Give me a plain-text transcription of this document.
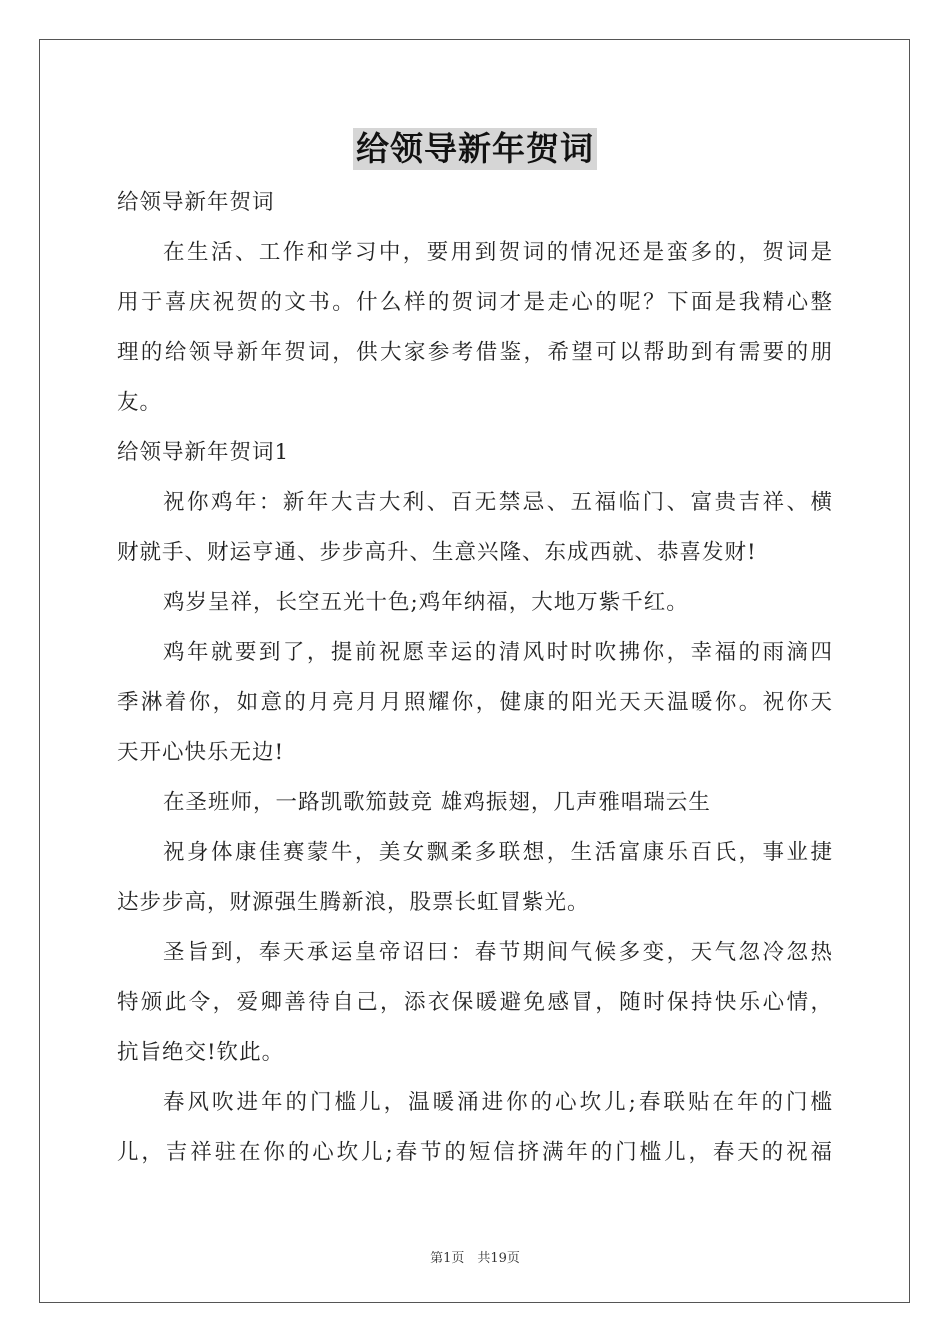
给领导新年贺词

给领导新年贺词

在生活、工作和学习中，要用到贺词的情况还是蛮多的，贺词是

用于喜庆祝贺的文书。什么样的贺词才是走心的呢？下面是我精心整

理的给领导新年贺词，供大家参考借鉴，希望可以帮助到有需要的朋

友。

给领导新年贺词1

祝你鸡年：新年大吉大利、百无禁忌、五福临门、富贵吉祥、横

财就手、财运亨通、步步高升、生意兴隆、东成西就、恭喜发财!

鸡岁呈祥，长空五光十色;鸡年纳福，大地万紫千红。

鸡年就要到了，提前祝愿幸运的清风时时吹拂你，幸福的雨滴四

季淋着你，如意的月亮月月照耀你，健康的阳光天天温暖你。祝你天

天开心快乐无边!

在圣班师，一路凯歌笳鼓竞 雄鸡振翅，几声雅唱瑞云生

祝身体康佳赛蒙牛，美女飘柔多联想，生活富康乐百氏，事业捷

达步步高，财源强生腾新浪，股票长虹冒紫光。

圣旨到，奉天承运皇帝诏曰：春节期间气候多变，天气忽冷忽热

特颁此令，爱卿善待自己，添衣保暖避免感冒，随时保持快乐心情，

抗旨绝交!钦此。

春风吹进年的门槛儿，温暖涌进你的心坎儿;春联贴在年的门槛

儿，吉祥驻在你的心坎儿;春节的短信挤满年的门槛儿，春天的祝福

第1页　共19页
